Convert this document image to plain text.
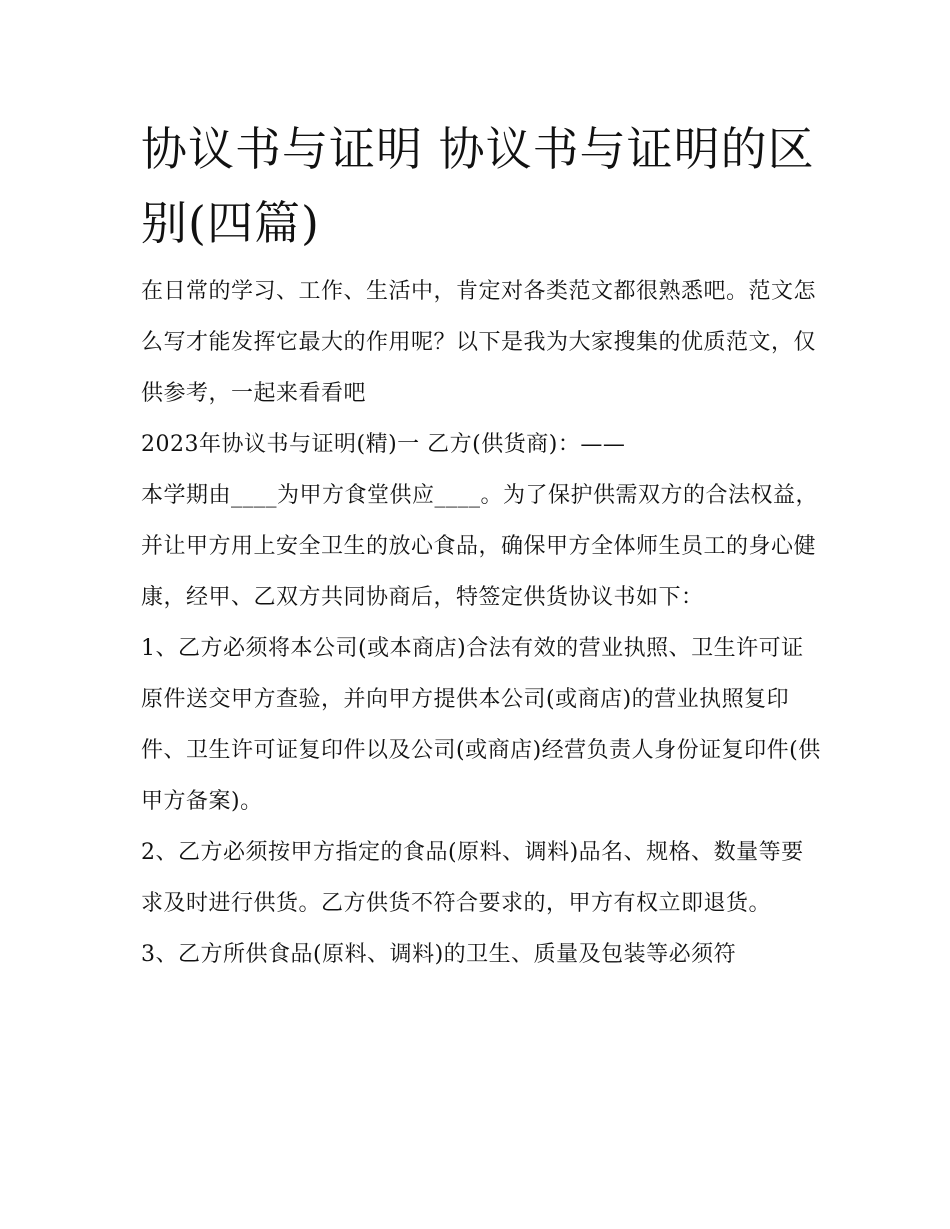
协议书与证明 协议书与证明的区别(四篇)

在日常的学习、工作、生活中，肯定对各类范文都很熟悉吧。范文怎么写才能发挥它最大的作用呢？以下是我为大家搜集的优质范文，仅供参考，一起来看看吧

2023年协议书与证明(精)一 乙方(供货商)：——

本学期由____为甲方食堂供应____。为了保护供需双方的合法权益，并让甲方用上安全卫生的放心食品，确保甲方全体师生员工的身心健康，经甲、乙双方共同协商后，特签定供货协议书如下：

1、乙方必须将本公司(或本商店)合法有效的营业执照、卫生许可证原件送交甲方查验，并向甲方提供本公司(或商店)的营业执照复印件、卫生许可证复印件以及公司(或商店)经营负责人身份证复印件(供甲方备案)。

2、乙方必须按甲方指定的食品(原料、调料)品名、规格、数量等要求及时进行供货。乙方供货不符合要求的，甲方有权立即退货。

3、乙方所供食品(原料、调料)的卫生、质量及包装等必须符
